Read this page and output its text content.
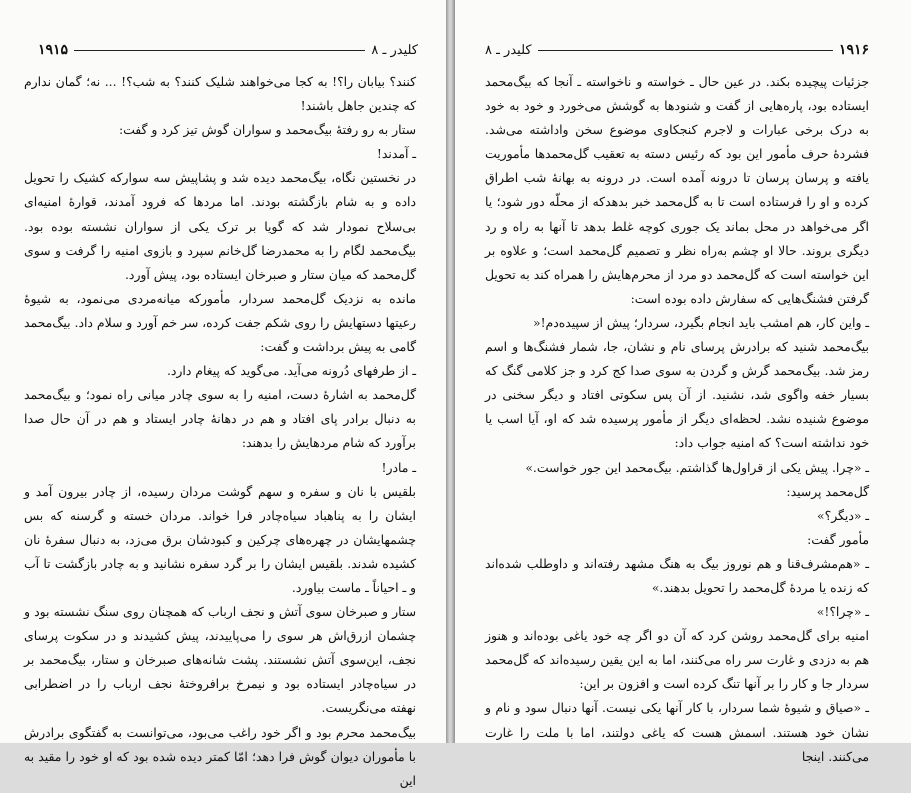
۱۹۱۵	کلیدر ـ ۸

کنند؟ بیابان را؟! به کجا می‌خواهند شلیک کنند؟ به شب؟! ... نه؛ گمان ندارم که چندین جاهل باشند!

ستار به رو رفتهٔ بیگ‌محمد و سواران گوش تیز کرد و گفت:

ـ آمدند!

در نخستین نگاه، بیگ‌محمد دیده شد و پشاپیش سه سوارکه کشیک را تحویل داده و به شام بازگشته بودند. اما مردها که فرود آمدند، قوارهٔ امنیه‌ای بی‌سلاح نمودار شد که گویا بر ترک یکی از سواران نشسته بوده بود. بیگ‌محمد لگام را به محمدرضا گل‌خانم سپرد و بازوی امنیه را گرفت و سوی گل‌محمد که میان ستار و صبرخان ایستاده بود، پیش آورد.

مانده به نزدیک گل‌محمد سردار، مأمورکه میانه‌مردی می‌نمود، به شیوهٔ رعیتها دستهایش را روی شکم جفت کرده، سر خم آورد و سلام داد. بیگ‌محمد گامی به پیش برداشت و گفت:

ـ از طرفهای دُرونه می‌آید. می‌گوید که پیغام دارد.

گل‌محمد به اشارهٔ دست، امنیه را به سوی چادر میانی راه نمود؛ و بیگ‌محمد به دنبال برادر پای افتاد و هم در دهانهٔ چادر ایستاد و هم در آن حال صدا برآورد که شام مردهایش را بدهند:

ـ مادر!

بلقیس با نان و سفره و سهم گوشت مردان رسیده، از چادر بیرون آمد و ایشان را به پناهباد سیاه‌چادر فرا خواند. مردان خسته و گرسنه که بس چشمهایشان در چهره‌های چرکین و کبودشان برق می‌زد، به دنبال سفرهٔ نان کشیده شدند. بلقیس ایشان را بر گرد سفره نشانید و به چادر بازگشت تا آب و ـ احیاناً ـ ماست بیاورد.

ستار و صبرخان سوی آتش و نجف ارباب که همچنان روی سنگ نشسته بود و چشمان ازرق‌اش هر سوی را می‌پاییدند، پیش کشیدند و در سکوت پرسای نجف، این‌سوی آتش نشستند. پشت شانه‌های صبرخان و ستار، بیگ‌محمد بر در سیاه‌چادر ایستاده بود و نیمرخ برافروختهٔ نجف ارباب را در اضطرابی نهفته می‌نگریست.

بیگ‌محمد محرم بود و اگر خود راغب می‌بود، می‌توانست به گفتگوی برادرش با مأموران دیوان گوش فرا دهد؛ امّا کمتر دیده شده بود که او خود را مقید به این

کلیدر ـ ۸	۱۹۱۶

جزئیات پیچیده بکند. در عین حال ـ خواسته و ناخواسته ـ آنجا که بیگ‌محمد ایستاده بود، پاره‌هایی از گفت و شنودها به گوشش می‌خورد و خود به خود به درک برخی عبارات و لاجرم کنجکاوی موضوع سخن واداشته می‌شد. فشردهٔ حرف مأمور این بود که رئیس دسته به تعقیب گل‌محمدها مأموریت یافته و پرسان پرسان تا درونه آمده است. در درونه به بهانهٔ شب اطراق کرده و او را فرستاده است تا به گل‌محمد خبر بدهدکه از محلّه دور شود؛ یا اگر می‌خواهد در محل بماند یک جوری کوچه غلط بدهد تا آنها به راه و رد دیگری بروند. حالا او چشم به‌راه نظر و تصمیم گل‌محمد است؛ و علاوه بر این خواسته است که گل‌محمد دو مرد از محرم‌هایش را همراه کند به تحویل گرفتن فشنگ‌هایی که سفارش داده بوده است:

ـ واین کار، هم امشب باید انجام بگیرد، سردار؛ پیش از سپیده‌دم!«

بیگ‌محمد شنید که برادرش پرسای نام و نشان، جا، شمار فشنگ‌ها و اسم رمز شد. بیگ‌محمد گرش و گردن به سوی صدا کج کرد و جز کلامی گنگ که بسیار خفه واگوی شد، نشنید. از آن پس سکوتی افتاد و دیگر سخنی در موضوع شنیده نشد. لحظه‌ای دیگر از مأمور پرسیده شد که او، آیا اسب یا خود نداشته است؟ که امنیه جواب داد:

ـ «چرا. پیش یکی از قراول‌ها گذاشتم. بیگ‌محمد این جور خواست.»

گل‌محمد پرسید:

ـ «دیگر؟»

مأمور گفت:

ـ «هم‌مشرف‌قنا و هم نوروز بیگ به هنگ مشهد رفته‌اند و داوطلب شده‌اند که زنده یا مردهٔ گل‌محمد را تحویل بدهند.»

ـ «چرا؟!»

امنیه برای گل‌محمد روشن کرد که آن دو اگر چه خود یاغی بوده‌اند و هنوز هم به دزدی و غارت سر راه می‌کنند، اما به این یقین رسیده‌اند که گل‌محمد سردار جا و کار را بر آنها تنگ کرده است و افزون بر این:

ـ «صیاق و شیوهٔ شما سردار، با کار آنها یکی نیست. آنها دنبال سود و نام و نشان خود هستند. اسمش هست که یاغی دولتند، اما با ملت را غارت می‌کنند. اینجا
